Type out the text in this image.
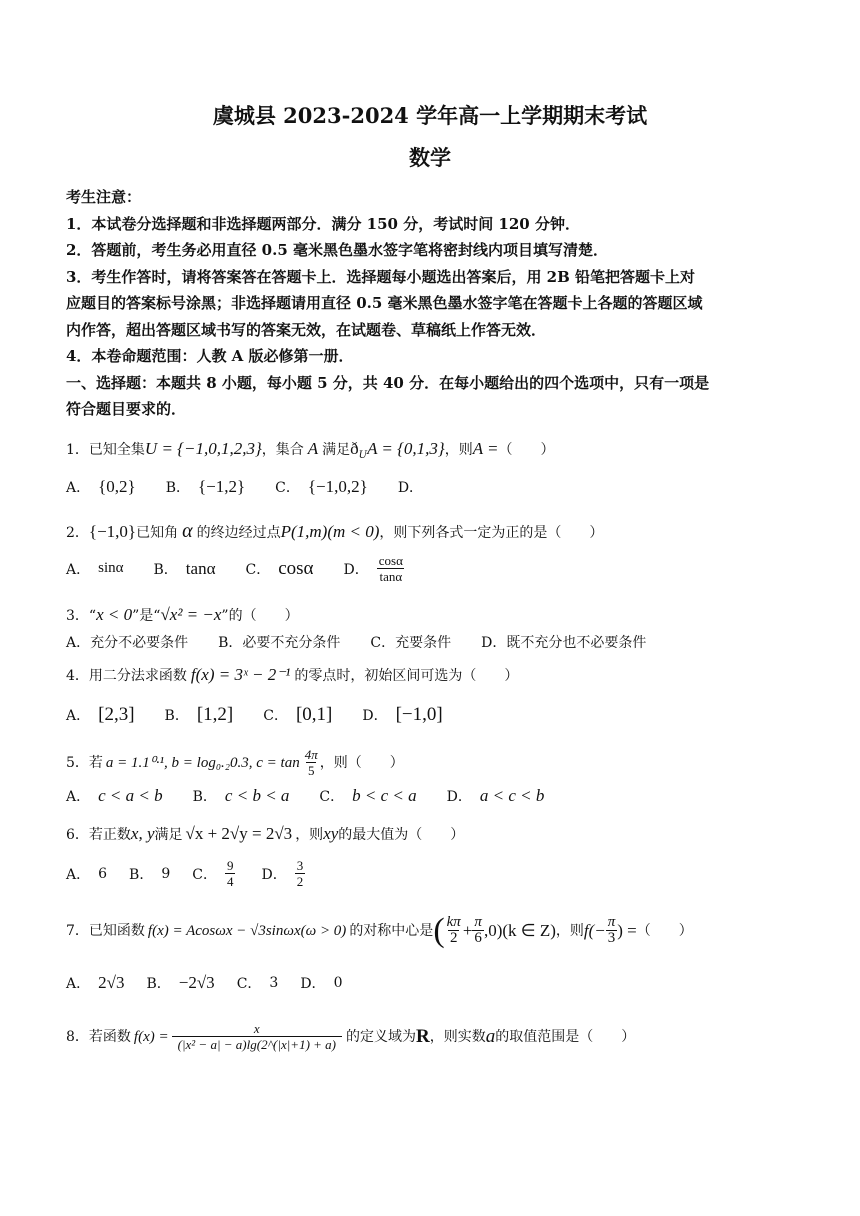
虞城县 2023-2024 学年高一上学期期末考试
数学
考生注意：
1．本试卷分选择题和非选择题两部分．满分 150 分，考试时间 120 分钟．
2．答题前，考生务必用直径 0.5 毫米黑色墨水签字笔将密封线内项目填写清楚．
3．考生作答时，请将答案答在答题卡上．选择题每小题选出答案后，用 2B 铅笔把答题卡上对
应题目的答案标号涂黑；非选择题请用直径 0.5 毫米黑色墨水签字笔在答题卡上各题的答题区域
内作答，超出答题区域书写的答案无效，在试题卷、草稿纸上作答无效．
4．本卷命题范围：人教 A 版必修第一册．
一、选择题：本题共 8 小题，每小题 5 分，共 40 分．在每小题给出的四个选项中，只有一项是
符合题目要求的．
1．已知全集U = {−1,0,1,2,3}，集合 A 满足$ð_UA = \{0,1,3\}$，则A =（　　）
A． {0,2} B． {−1,2} C． {−1,0,2} D．
2．{−1,0}已知角 α 的终边经过点P(1,m)(m < 0)，则下列各式一定为正的是（　　）
A． sinα B． tanα C． cosα D． $\frac{\cos\alpha}{\tan\alpha}$
3．“x < 0”是“√x² = −x”的（　　）
A．充分不必要条件 B．必要不充分条件 C．充要条件 D．既不充分也不必要条件
4．用二分法求函数 f(x) = 3ˣ − 2⁻¹ 的零点时，初始区间可选为（　　）
A． [2,3] B． [1,2] C． [0,1] D． [−1,0]
5．若 a = 1.1⁰·¹, b = log₀.₂0.3, $c = \tan \frac{4\pi}{5}$ ，则（　　）
A． c < a < b B． c < b < a C． b < c < a D． a < c < b
6．若正数x, y满足 √x + 2√y = 2√3 ，则xy的最大值为（　　）
A． 6 B． 9 C． $\frac{9}{4}$ D． $\frac{3}{2}$
7．已知函数 f(x) = Acosωx − √3sinωx(ω > 0) 的对称中心是 ( $\frac{k\pi}{2} + \frac{\pi}{6} ,0)(k$ ∈ Z) ，则 $f(- \frac{\pi}{3}$ ) = （　　）
A． 2√3 B． −2√3 C． 3 D． 0
8．若函数 $f(x) = \frac{x}{\text{(|x² − a| − a)lg(2\textasciicircum{}(|x|+1) + a)}}$ 的定义域为 R ，则实数 a 的取值范围是（　　）
